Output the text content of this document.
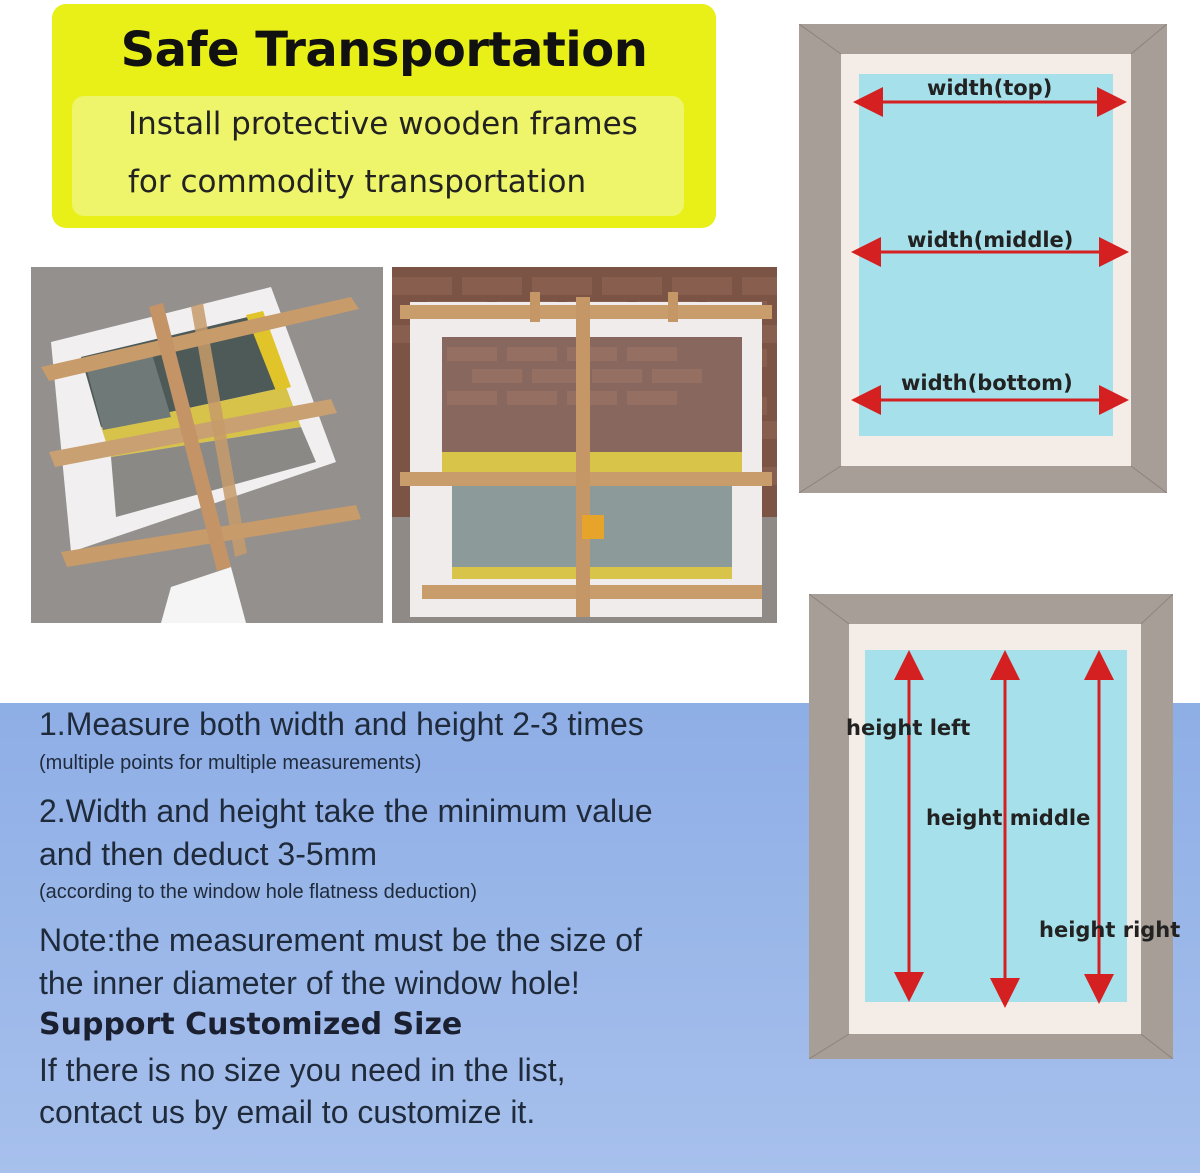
Safe Transportation
Install protective wooden frames
for commodity transportation
width(top)
width(middle)
width(bottom)
height left
height middle
height right
1.Measure both width and height 2-3 times
(multiple points for multiple measurements)
2.Width and height take the minimum value
and then deduct 3-5mm
(according to the window hole flatness deduction)
Note:the measurement must be the size of
the inner diameter of the window hole!
Support Customized Size
If there is no size you need in the list,
contact us by email to customize it.
